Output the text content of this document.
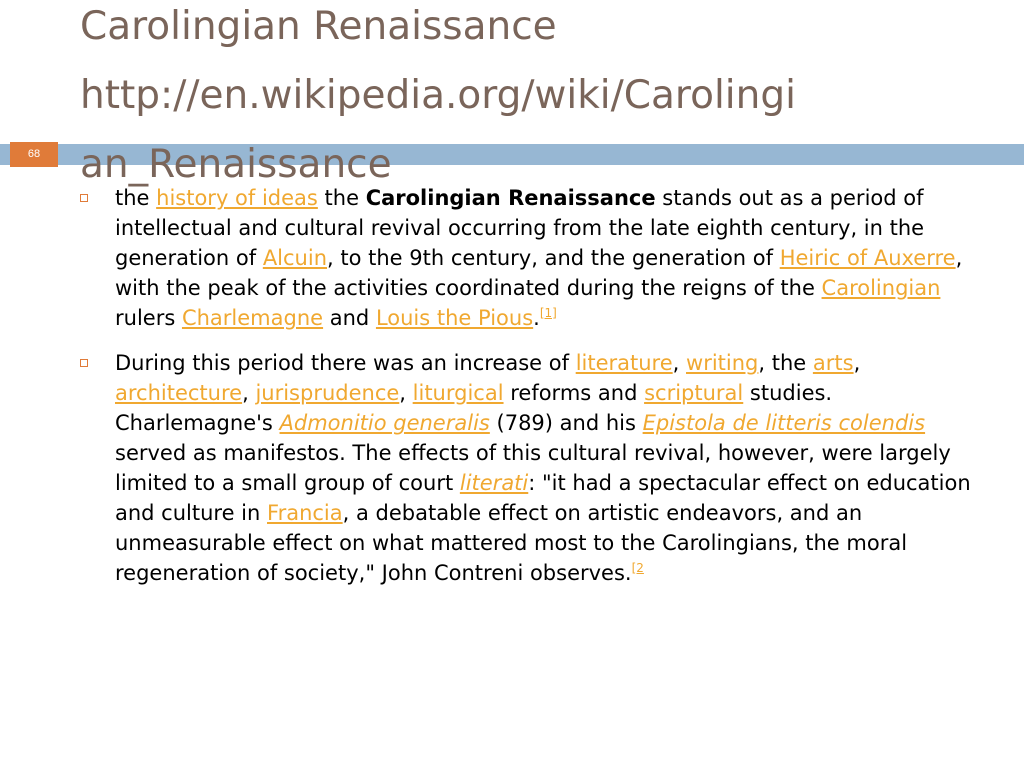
Carolingian Renaissance
http://en.wikipedia.org/wiki/Carolingi
an_Renaissance
68

the history of ideas the Carolingian Renaissance stands out as a period of intellectual and cultural revival occurring from the late eighth century, in the generation of Alcuin, to the 9th century, and the generation of Heiric of Auxerre, with the peak of the activities coordinated during the reigns of the Carolingian rulers Charlemagne and Louis the Pious.[1]

During this period there was an increase of literature, writing, the arts, architecture, jurisprudence, liturgical reforms and scriptural studies. Charlemagne's Admonitio generalis (789) and his Epistola de litteris colendis served as manifestos. The effects of this cultural revival, however, were largely limited to a small group of court literati: "it had a spectacular effect on education and culture in Francia, a debatable effect on artistic endeavors, and an unmeasurable effect on what mattered most to the Carolingians, the moral regeneration of society," John Contreni observes.$^{[2}$
